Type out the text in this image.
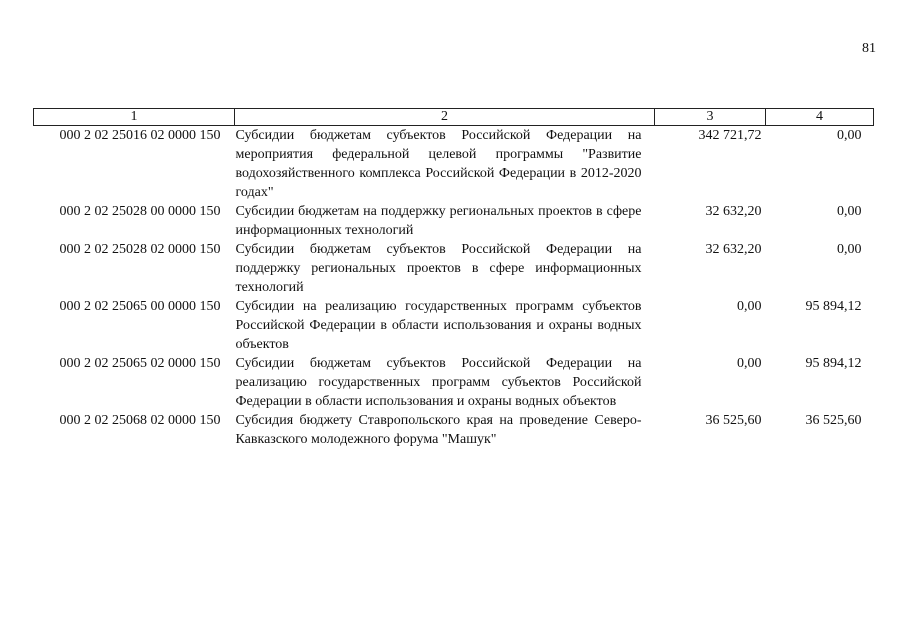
81
1	2	3	4
000 2 02 25016 02 0000 150	Субсидии бюджетам субъектов Российской Федерации на мероприятия федеральной целевой программы "Развитие водохозяйственного комплекса Российской Федерации в 2012-2020 годах"	342 721,72	0,00
000 2 02 25028 00 0000 150	Субсидии бюджетам на поддержку региональных проектов в сфере информационных технологий	32 632,20	0,00
000 2 02 25028 02 0000 150	Субсидии бюджетам субъектов Российской Федерации на поддержку региональных проектов в сфере информационных технологий	32 632,20	0,00
000 2 02 25065 00 0000 150	Субсидии на реализацию государственных программ субъектов Российской Федерации в области использования и охраны водных объектов	0,00	95 894,12
000 2 02 25065 02 0000 150	Субсидии бюджетам субъектов Российской Федерации на реализацию государственных программ субъектов Российской Федерации в области использования и охраны водных объектов	0,00	95 894,12
000 2 02 25068 02 0000 150	Субсидия бюджету Ставропольского края на проведение Северо-Кавказского молодежного форума "Машук"	36 525,60	36 525,60
